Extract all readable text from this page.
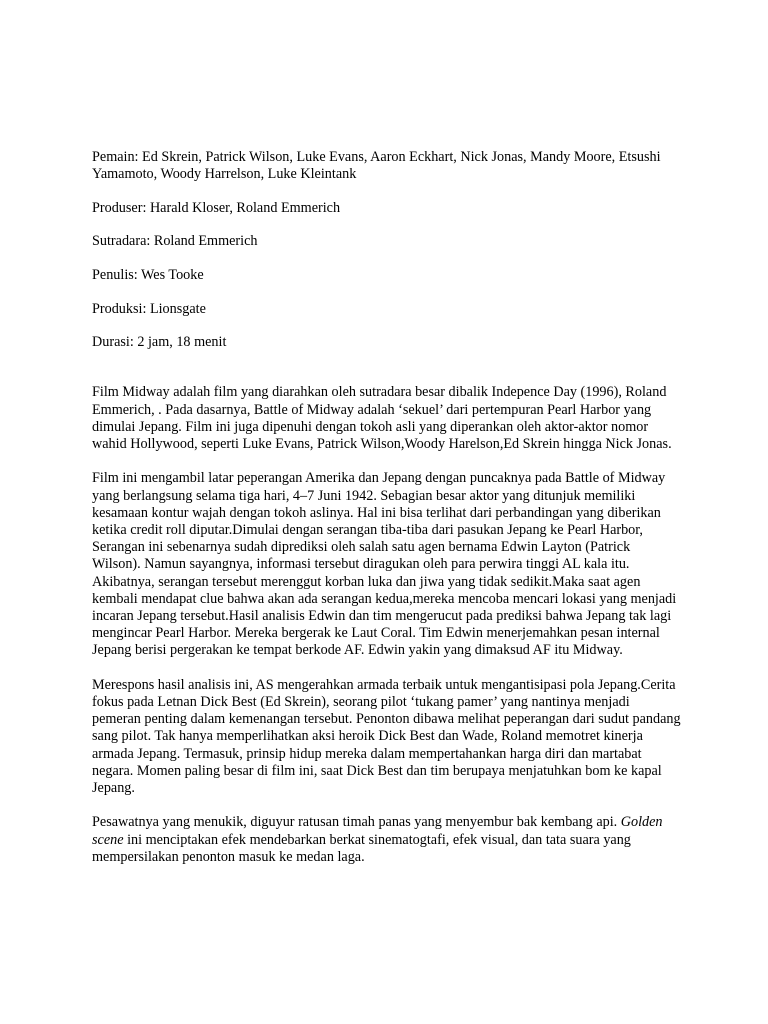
Pemain: Ed Skrein, Patrick Wilson, Luke Evans, Aaron Eckhart, Nick Jonas, Mandy Moore, Etsushi Yamamoto, Woody Harrelson, Luke Kleintank

Produser: Harald Kloser, Roland Emmerich

Sutradara: Roland Emmerich

Penulis: Wes Tooke

Produksi: Lionsgate

Durasi: 2 jam, 18 menit

Film Midway adalah film yang diarahkan oleh sutradara besar dibalik Indepence Day (1996), Roland Emmerich, . Pada dasarnya, Battle of Midway adalah ‘sekuel’ dari pertempuran Pearl Harbor yang dimulai Jepang. Film ini juga dipenuhi dengan tokoh asli yang diperankan oleh aktor-aktor nomor wahid Hollywood, seperti Luke Evans, Patrick Wilson,Woody Harelson,Ed Skrein hingga Nick Jonas.

Film ini mengambil latar peperangan Amerika dan Jepang dengan puncaknya pada Battle of Midway yang berlangsung selama tiga hari, 4–7 Juni 1942. Sebagian besar aktor yang ditunjuk memiliki kesamaan kontur wajah dengan tokoh aslinya. Hal ini bisa terlihat dari perbandingan yang diberikan ketika credit roll diputar.Dimulai dengan serangan tiba-tiba dari pasukan Jepang ke Pearl Harbor, Serangan ini sebenarnya sudah diprediksi oleh salah satu agen bernama Edwin Layton (Patrick Wilson). Namun sayangnya, informasi tersebut diragukan oleh para perwira tinggi AL kala itu. Akibatnya, serangan tersebut merenggut korban luka dan jiwa yang tidak sedikit.Maka saat agen kembali mendapat clue bahwa akan ada serangan kedua,mereka mencoba mencari lokasi yang menjadi incaran Jepang tersebut.Hasil analisis Edwin dan tim mengerucut pada prediksi bahwa Jepang tak lagi mengincar Pearl Harbor. Mereka bergerak ke Laut Coral. Tim Edwin menerjemahkan pesan internal Jepang berisi pergerakan ke tempat berkode AF. Edwin yakin yang dimaksud AF itu Midway.

Merespons hasil analisis ini, AS mengerahkan armada terbaik untuk mengantisipasi pola Jepang.Cerita fokus pada Letnan Dick Best (Ed Skrein), seorang pilot ‘tukang pamer’ yang nantinya menjadi pemeran penting dalam kemenangan tersebut. Penonton dibawa melihat peperangan dari sudut pandang sang pilot. Tak hanya memperlihatkan aksi heroik Dick Best dan Wade, Roland memotret kinerja armada Jepang. Termasuk, prinsip hidup mereka dalam mempertahankan harga diri dan martabat negara. Momen paling besar di film ini, saat Dick Best dan tim berupaya menjatuhkan bom ke kapal Jepang.

Pesawatnya yang menukik, diguyur ratusan timah panas yang menyembur bak kembang api. Golden scene ini menciptakan efek mendebarkan berkat sinematogtafi, efek visual, dan tata suara yang mempersilakan penonton masuk ke medan laga.
